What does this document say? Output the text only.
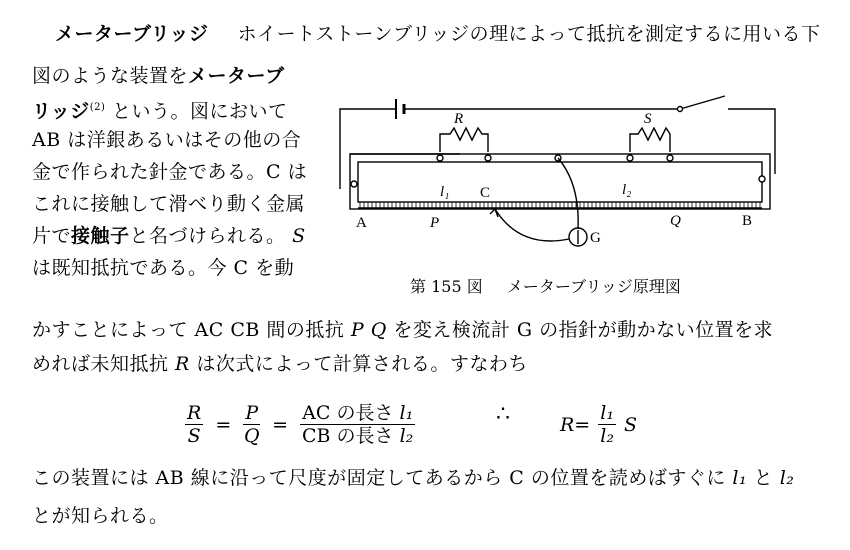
メーターブリッジ ホイートストーンブリッジの理によって抵抗を測定するに用いる下
図のような装置をメーターブ
リッジ$^{(2)}$ という。図において
AB は洋銀あるいはその他の合
金で作られた針金である。C は
これに接触して滑べり動く金属
片で接触子と名づけられる。 S
は既知抵抗である。今 C を動
R	S
A	B
C
P	Q
G
l₁	l₂
第 155 図 メーターブリッジ原理図
かすことによって AC CB 間の抵抗 P Q を変え検流計 G の指針が動かない位置を求
めれば未知抵抗 R は次式によって計算される。すなわち
$\frac{R}{S} = \frac{P}{Q} = \frac{\text{AC の長さ l₁}}{\text{CB の長さ l₂}}$	∴	$R= \frac{\text{l₁}}{\text{l₂}}$ S
この装置には AB 線に沿って尺度が固定してあるから C の位置を読めばすぐに l₁ と l₂
とが知られる。
